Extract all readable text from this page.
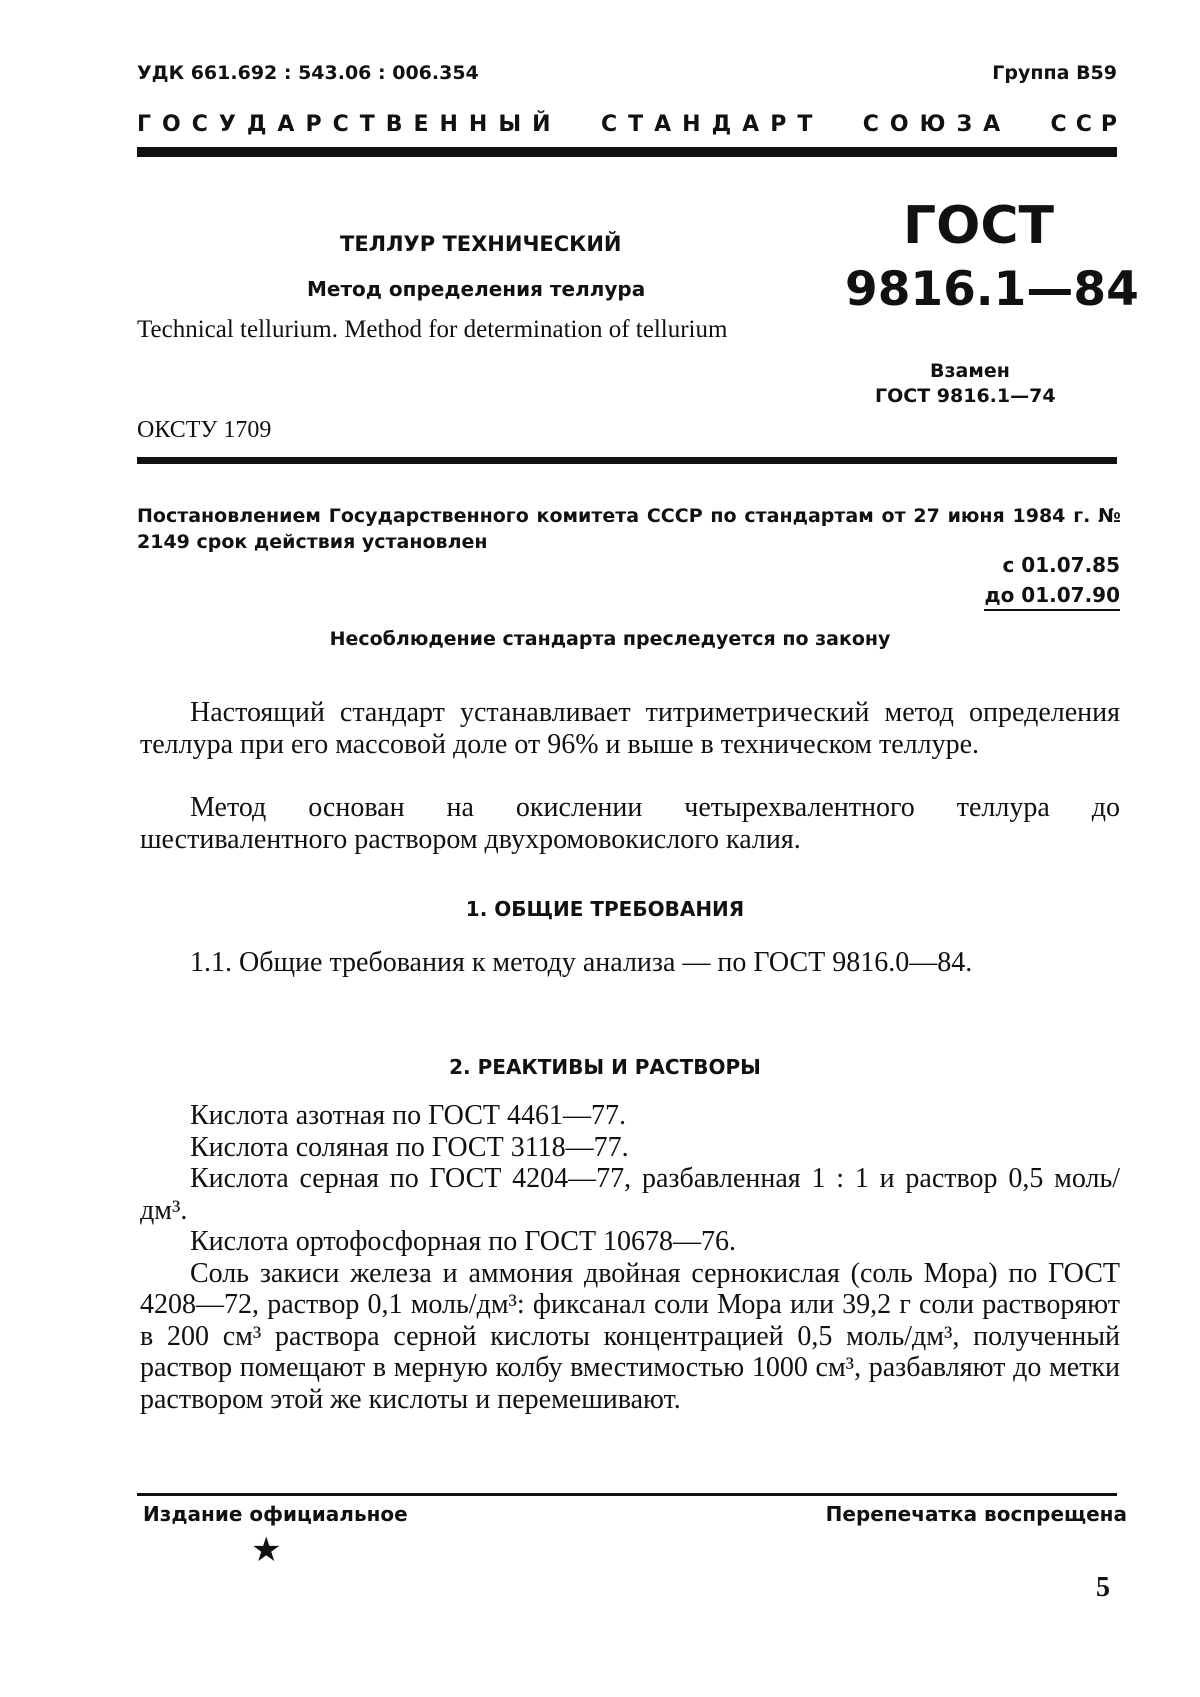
УДК 661.692 : 543.06 : 006.354	Группа В59
ГОСУДАРСТВЕННЫЙ СТАНДАРТ СОЮЗА ССР
ТЕЛЛУР ТЕХНИЧЕСКИЙ
Метод определения теллура
Technical tellurium. Method for determination of tellurium
ГОСТ
9816.1—84
Взамен
ГОСТ 9816.1—74
ОКСТУ 1709
Постановлением Государственного комитета СССР по стандартам от 27 июня 1984 г. № 2149 срок действия установлен
с 01.07.85
до 01.07.90
Несоблюдение стандарта преследуется по закону
Настоящий стандарт устанавливает титриметрический метод определения теллура при его массовой доле от 96% и выше в техническом теллуре.
Метод основан на окислении четырехвалентного теллура до шестивалентного раствором двухромовокислого калия.
1. ОБЩИЕ ТРЕБОВАНИЯ
1.1. Общие требования к методу анализа — по ГОСТ 9816.0—84.
2. РЕАКТИВЫ И РАСТВОРЫ
Кислота азотная по ГОСТ 4461—77.
Кислота соляная по ГОСТ 3118—77.
Кислота серная по ГОСТ 4204—77, разбавленная 1 : 1 и раствор 0,5 моль/дм³.
Кислота ортофосфорная по ГОСТ 10678—76.
Соль закиси железа и аммония двойная сернокислая (соль Мора) по ГОСТ 4208—72, раствор 0,1 моль/дм³: фиксанал соли Мора или 39,2 г соли растворяют в 200 см³ раствора серной кислоты концентрацией 0,5 моль/дм³, полученный раствор помещают в мерную колбу вместимостью 1000 см³, разбавляют до метки раствором этой же кислоты и перемешивают.
Издание официальное	Перепечатка воспрещена
★
5
